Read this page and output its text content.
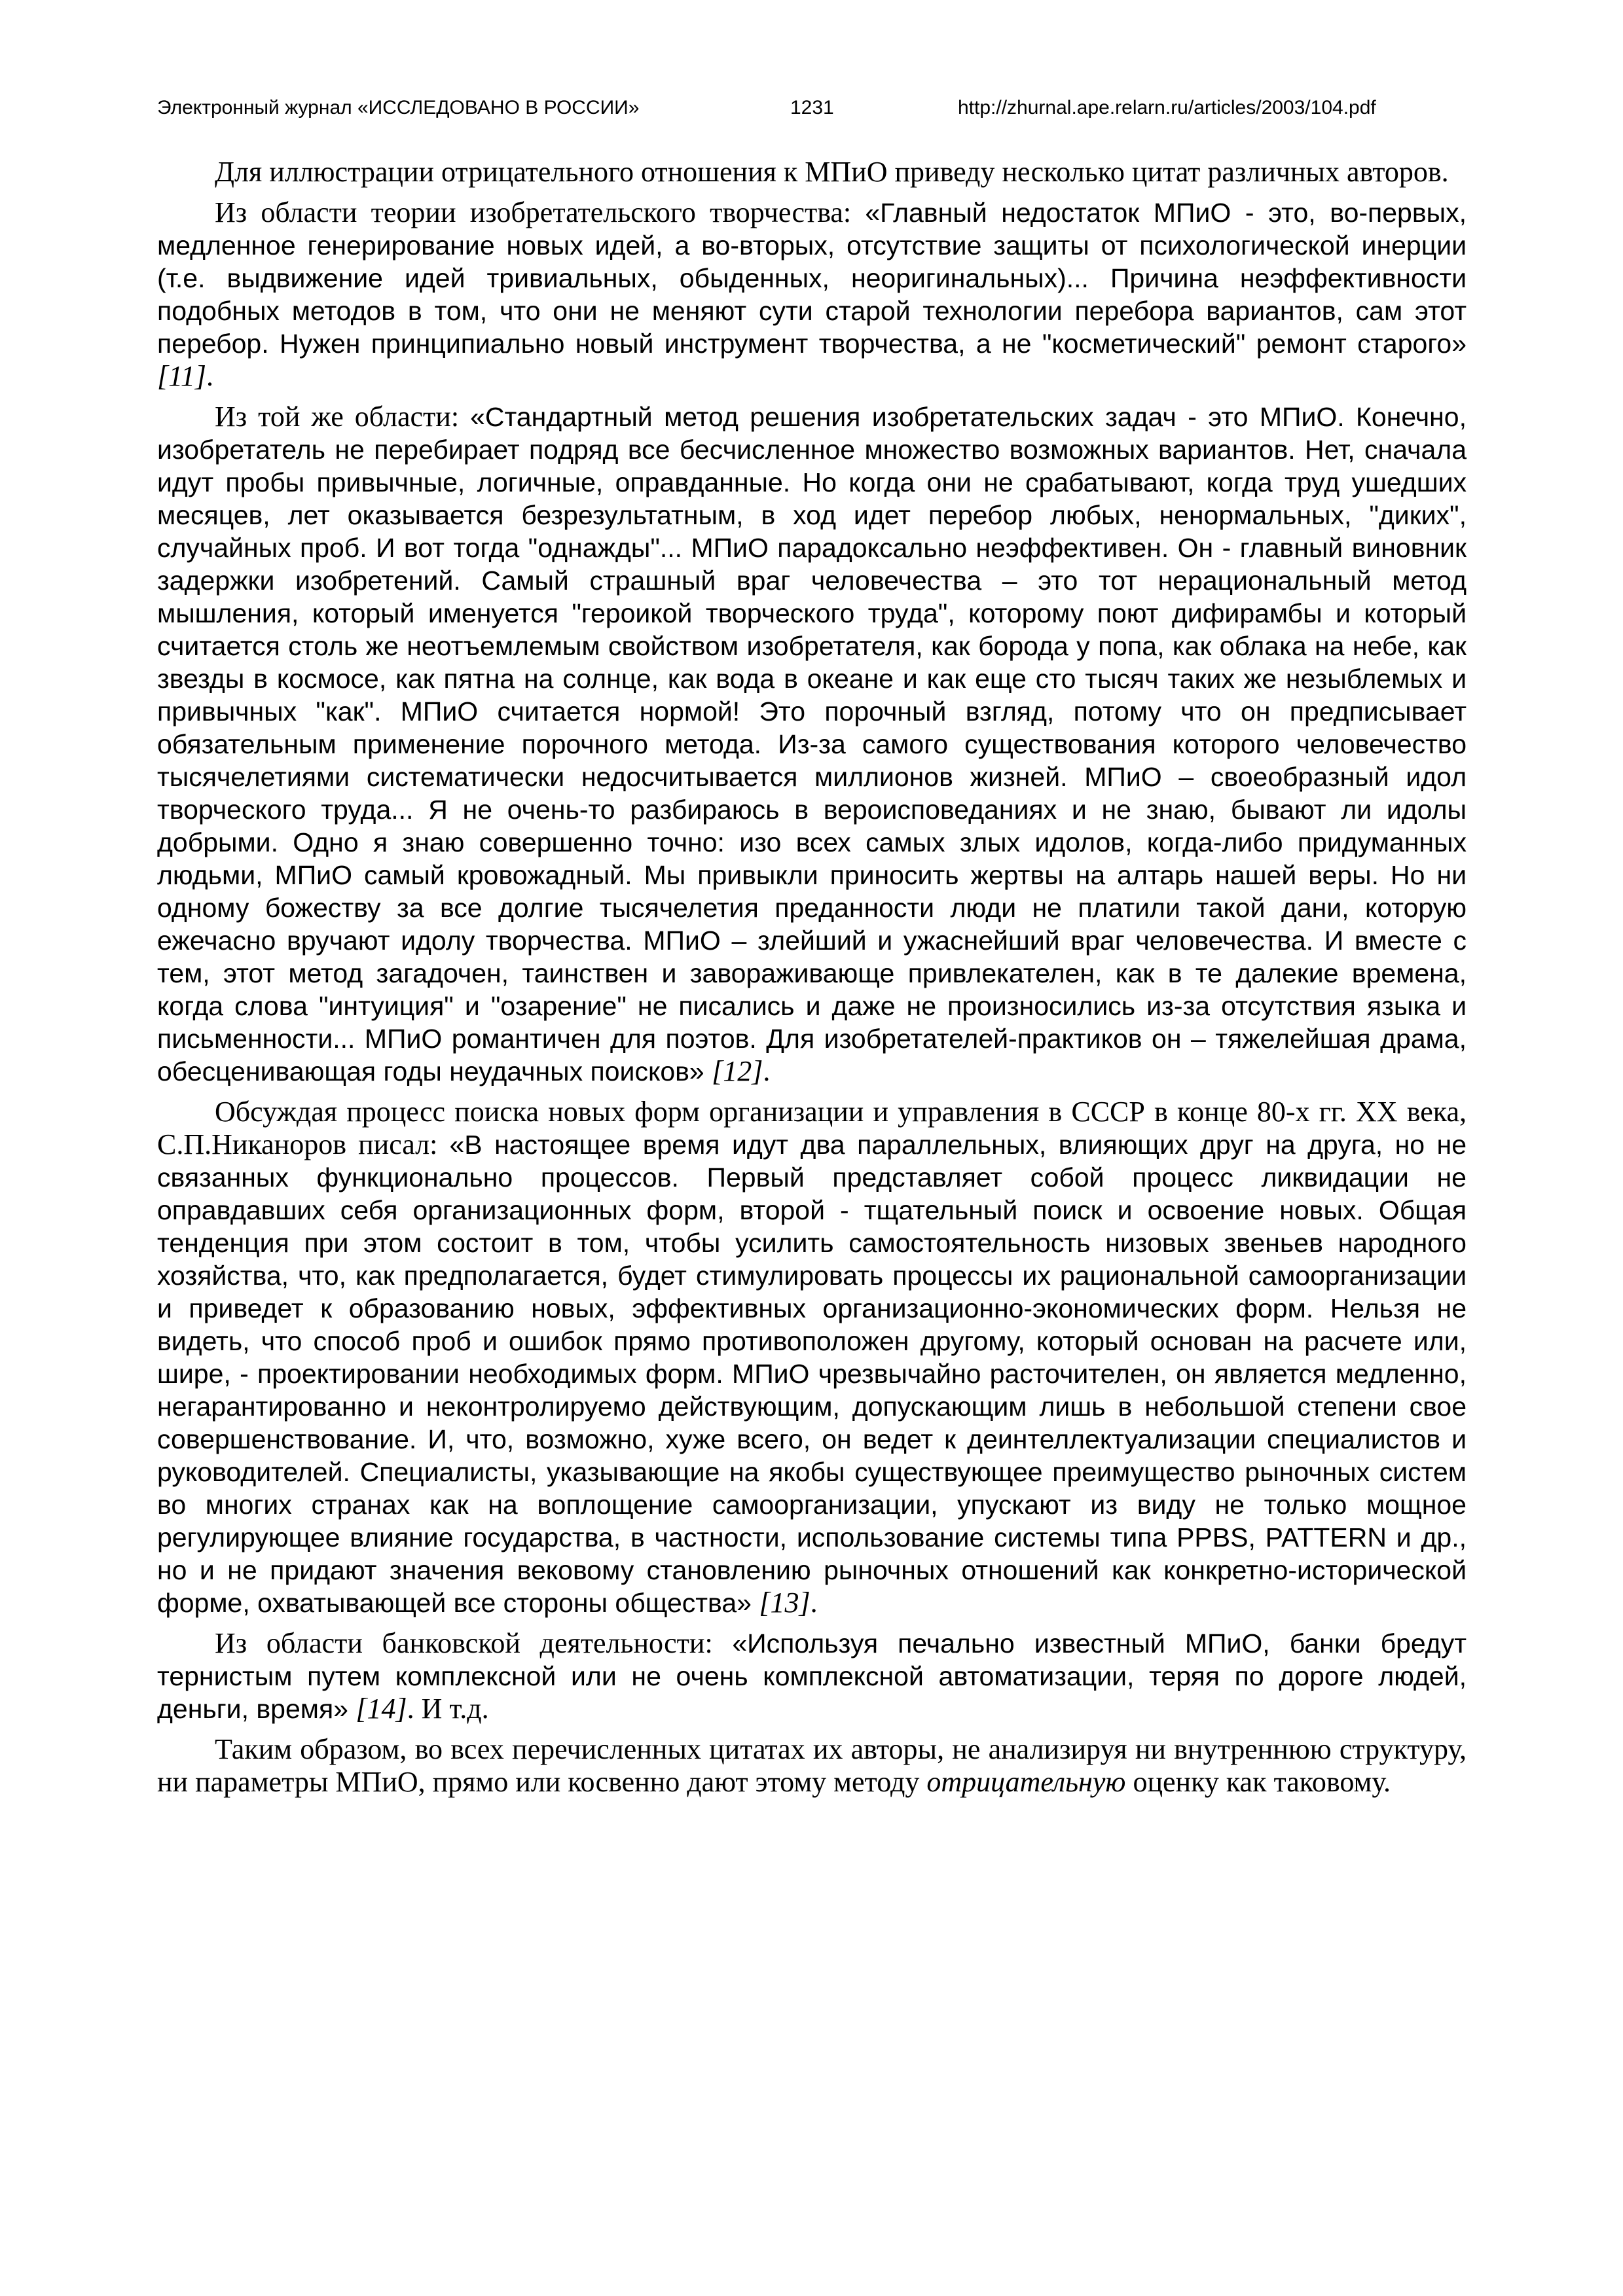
Электронный журнал «ИССЛЕДОВАНО В РОССИИ»	1231	http://zhurnal.ape.relarn.ru/articles/2003/104.pdf

Для иллюстрации отрицательного отношения к МПиО приведу несколько цитат различных авторов.

Из области теории изобретательского творчества: «Главный недостаток МПиО - это, во-первых, медленное генерирование новых идей, а во-вторых, отсутствие защиты от психологической инерции (т.е. выдвижение идей тривиальных, обыденных, неоригинальных)... Причина неэффективности подобных методов в том, что они не меняют сути старой технологии перебора вариантов, сам этот перебор. Нужен принципиально новый инструмент творчества, а не "косметический" ремонт старого» [11].

Из той же области: «Стандартный метод решения изобретательских задач - это МПиО. Конечно, изобретатель не перебирает подряд все бесчисленное множество возможных вариантов. Нет, сначала идут пробы привычные, логичные, оправданные. Но когда они не срабатывают, когда труд ушедших месяцев, лет оказывается безрезультатным, в ход идет перебор любых, ненормальных, "диких", случайных проб. И вот тогда "однажды"... МПиО парадоксально неэффективен. Он - главный виновник задержки изобретений. Самый страшный враг человечества – это тот нерациональный метод мышления, который именуется "героикой творческого труда", которому поют дифирамбы и который считается столь же неотъемлемым свойством изобретателя, как борода у попа, как облака на небе, как звезды в космосе, как пятна на солнце, как вода в океане и как еще сто тысяч таких же незыблемых и привычных "как". МПиО считается нормой! Это порочный взгляд, потому что он предписывает обязательным применение порочного метода. Из-за самого существования которого человечество тысячелетиями систематически недосчитывается миллионов жизней. МПиО – своеобразный идол творческого труда... Я не очень-то разбираюсь в вероисповеданиях и не знаю, бывают ли идолы добрыми. Одно я знаю совершенно точно: изо всех самых злых идолов, когда-либо придуманных людьми, МПиО самый кровожадный. Мы привыкли приносить жертвы на алтарь нашей веры. Но ни одному божеству за все долгие тысячелетия преданности люди не платили такой дани, которую ежечасно вручают идолу творчества. МПиО – злейший и ужаснейший враг человечества. И вместе с тем, этот метод загадочен, таинствен и завораживающе привлекателен, как в те далекие времена, когда слова "интуиция" и "озарение" не писались и даже не произносились из-за отсутствия языка и письменности... МПиО романтичен для поэтов. Для изобретателей-практиков он – тяжелейшая драма, обесценивающая годы неудачных поисков» [12].

Обсуждая процесс поиска новых форм организации и управления в СССР в конце 80-х гг. XX века, С.П.Никаноров писал: «В настоящее время идут два параллельных, влияющих друг на друга, но не связанных функционально процессов. Первый представляет собой процесс ликвидации не оправдавших себя организационных форм, второй - тщательный поиск и освоение новых. Общая тенденция при этом состоит в том, чтобы усилить самостоятельность низовых звеньев народного хозяйства, что, как предполагается, будет стимулировать процессы их рациональной самоорганизации и приведет к образованию новых, эффективных организационно-экономических форм. Нельзя не видеть, что способ проб и ошибок прямо противоположен другому, который основан на расчете или, шире, - проектировании необходимых форм. МПиО чрезвычайно расточителен, он является медленно, негарантированно и неконтролируемо действующим, допускающим лишь в небольшой степени свое совершенствование. И, что, возможно, хуже всего, он ведет к деинтеллектуализации специалистов и руководителей. Специалисты, указывающие на якобы существующее преимущество рыночных систем во многих странах как на воплощение самоорганизации, упускают из виду не только мощное регулирующее влияние государства, в частности, использование системы типа PPBS, PATTERN и др., но и не придают значения вековому становлению рыночных отношений как конкретно-исторической форме, охватывающей все стороны общества» [13].

Из области банковской деятельности: «Используя печально известный МПиО, банки бредут тернистым путем комплексной или не очень комплексной автоматизации, теряя по дороге людей, деньги, время» [14]. И т.д.

Таким образом, во всех перечисленных цитатах их авторы, не анализируя ни внутреннюю структуру, ни параметры МПиО, прямо или косвенно дают этому методу отрицательную оценку как таковому.
